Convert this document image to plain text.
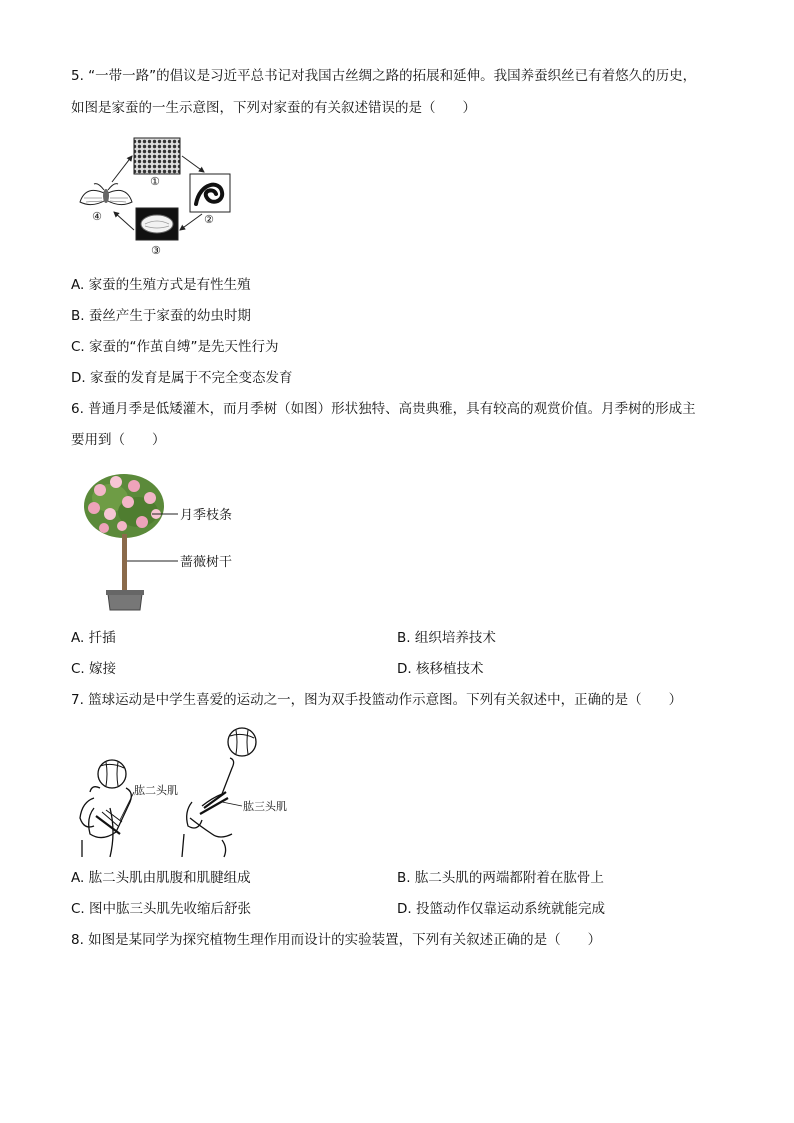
5. “一带一路”的倡议是习近平总书记对我国古丝绸之路的拓展和延伸。我国养蚕织丝已有着悠久的历史，
如图是家蚕的一生示意图，下列对家蚕的有关叙述错误的是（　　）
①
②
③
④
A. 家蚕的生殖方式是有性生殖
B. 蚕丝产生于家蚕的幼虫时期
C. 家蚕的“作茧自缚”是先天性行为
D. 家蚕的发育是属于不完全变态发育
6. 普通月季是低矮灌木，而月季树（如图）形状独特、高贵典雅，具有较高的观赏价值。月季树的形成主
要用到（　　）
月季枝条
蔷薇树干
A. 扦插	B. 组织培养技术
C. 嫁接	D. 核移植技术
7. 篮球运动是中学生喜爱的运动之一，图为双手投篮动作示意图。下列有关叙述中，正确的是（　　）
肱二头肌
肱三头肌
A. 肱二头肌由肌腹和肌腱组成	B. 肱二头肌的两端都附着在肱骨上
C. 图中肱三头肌先收缩后舒张	D. 投篮动作仅靠运动系统就能完成
8. 如图是某同学为探究植物生理作用而设计的实验装置，下列有关叙述正确的是（　　）
